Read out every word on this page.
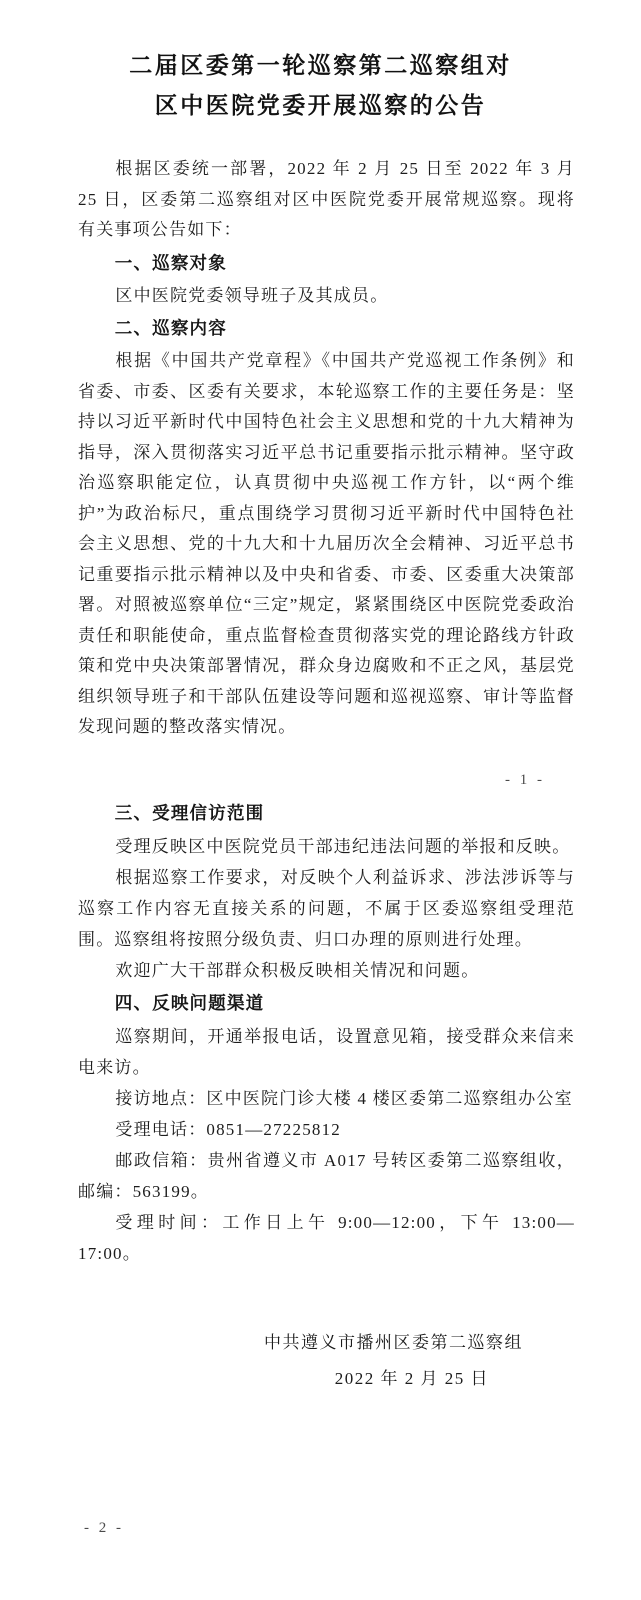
二届区委第一轮巡察第二巡察组对
区中医院党委开展巡察的公告

根据区委统一部署，2022 年 2 月 25 日至 2022 年 3 月 25 日，区委第二巡察组对区中医院党委开展常规巡察。现将有关事项公告如下：

一、巡察对象

区中医院党委领导班子及其成员。

二、巡察内容

根据《中国共产党章程》《中国共产党巡视工作条例》和省委、市委、区委有关要求，本轮巡察工作的主要任务是：坚持以习近平新时代中国特色社会主义思想和党的十九大精神为指导，深入贯彻落实习近平总书记重要指示批示精神。坚守政治巡察职能定位，认真贯彻中央巡视工作方针，以“两个维护”为政治标尺，重点围绕学习贯彻习近平新时代中国特色社会主义思想、党的十九大和十九届历次全会精神、习近平总书记重要指示批示精神以及中央和省委、市委、区委重大决策部署。对照被巡察单位“三定”规定，紧紧围绕区中医院党委政治责任和职能使命，重点监督检查贯彻落实党的理论路线方针政策和党中央决策部署情况，群众身边腐败和不正之风，基层党组织领导班子和干部队伍建设等问题和巡视巡察、审计等监督发现问题的整改落实情况。

- 1 -
三、受理信访范围

受理反映区中医院党员干部违纪违法问题的举报和反映。

根据巡察工作要求，对反映个人利益诉求、涉法涉诉等与巡察工作内容无直接关系的问题，不属于区委巡察组受理范围。巡察组将按照分级负责、归口办理的原则进行处理。

欢迎广大干部群众积极反映相关情况和问题。

四、反映问题渠道

巡察期间，开通举报电话，设置意见箱，接受群众来信来电来访。

接访地点：区中医院门诊大楼 4 楼区委第二巡察组办公室

受理电话：0851—27225812

邮政信箱：贵州省遵义市 A017 号转区委第二巡察组收，邮编：563199。

受理时间：工作日上午 9:00—12:00，下午 13:00—17:00。

中共遵义市播州区委第二巡察组
2022 年 2 月 25 日
- 2 -
